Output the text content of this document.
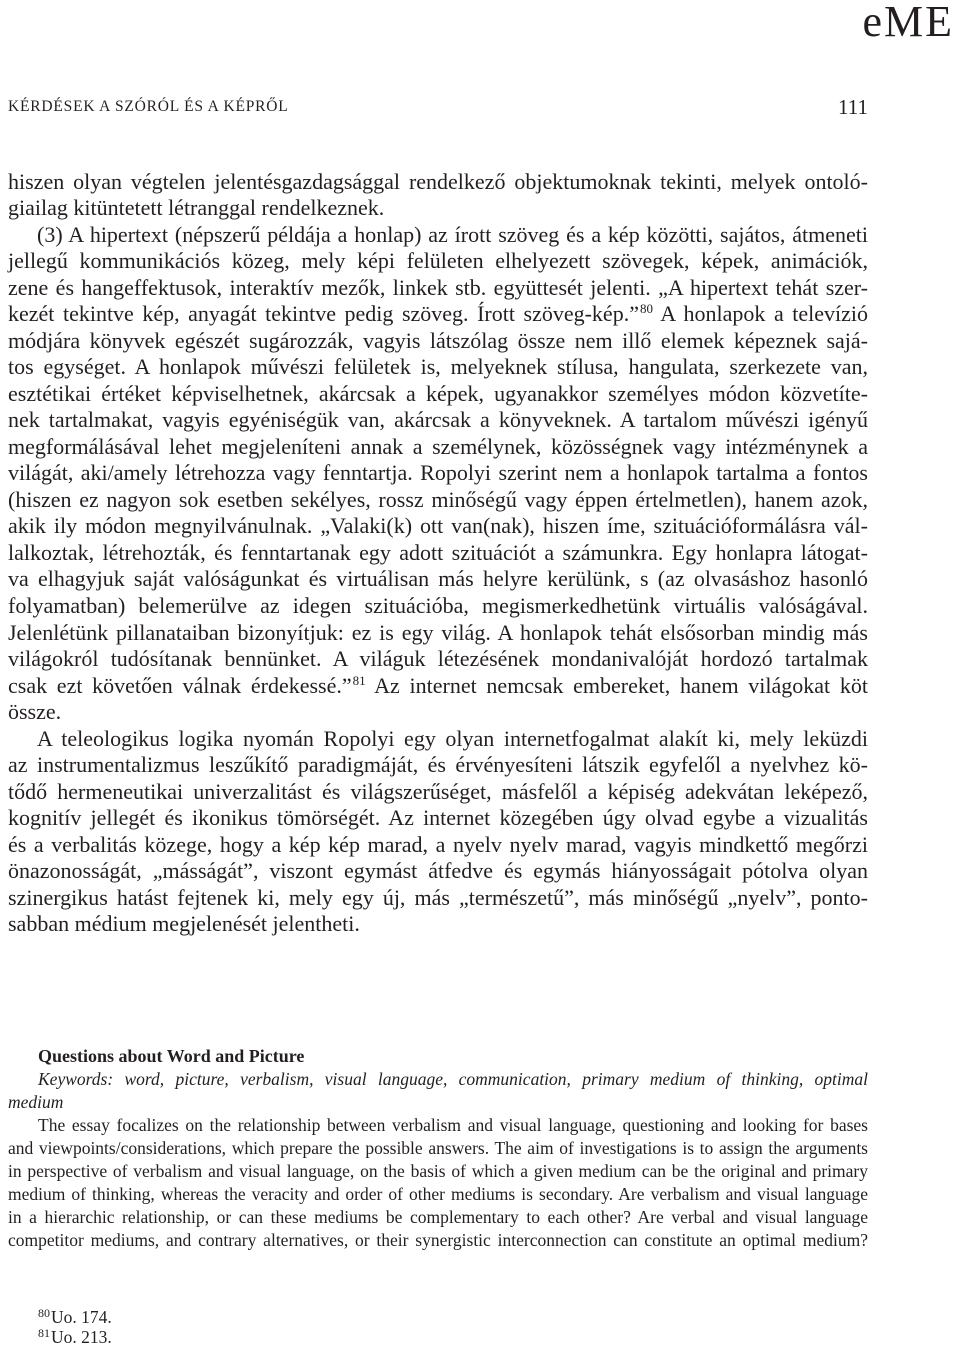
eME
KÉRDÉSEK A SZÓRÓL ÉS A KÉPRŐL	111
hiszen olyan végtelen jelentésgazdagsággal rendelkező objektumoknak tekinti, melyek ontoló-
giailag kitüntetett létranggal rendelkeznek.
(3) A hipertext (népszerű példája a honlap) az írott szöveg és a kép közötti, sajátos, átmeneti
jellegű kommunikációs közeg, mely képi felületen elhelyezett szövegek, képek, animációk,
zene és hangeffektusok, interaktív mezők, linkek stb. együttesét jelenti. „A hipertext tehát szer-
kezét tekintve kép, anyagát tekintve pedig szöveg. Írott szöveg-kép.”$^{80}$ A honlapok a televízió
módjára könyvek egészét sugározzák, vagyis látszólag össze nem illő elemek képeznek sajá-
tos egységet. A honlapok művészi felületek is, melyeknek stílusa, hangulata, szerkezete van,
esztétikai értéket képviselhetnek, akárcsak a képek, ugyanakkor személyes módon közvetíte-
nek tartalmakat, vagyis egyéniségük van, akárcsak a könyveknek. A tartalom művészi igényű
megformálásával lehet megjeleníteni annak a személynek, közösségnek vagy intézménynek a
világát, aki/amely létrehozza vagy fenntartja. Ropolyi szerint nem a honlapok tartalma a fontos
(hiszen ez nagyon sok esetben sekélyes, rossz minőségű vagy éppen értelmetlen), hanem azok,
akik ily módon megnyilvánulnak. „Valaki(k) ott van(nak), hiszen íme, szituációformálásra vál-
lalkoztak, létrehozták, és fenntartanak egy adott szituációt a számunkra. Egy honlapra látogat-
va elhagyjuk saját valóságunkat és virtuálisan más helyre kerülünk, s (az olvasáshoz hasonló
folyamatban) belemerülve az idegen szituációba, megismerkedhetünk virtuális valóságával.
Jelenlétünk pillanataiban bizonyítjuk: ez is egy világ. A honlapok tehát elsősorban mindig más
világokról tudósítanak bennünket. A világuk létezésének mondanivalóját hordozó tartalmak
csak ezt követően válnak érdekessé.”$^{81}$ Az internet nemcsak embereket, hanem világokat köt
össze.
A teleologikus logika nyomán Ropolyi egy olyan internetfogalmat alakít ki, mely leküzdi
az instrumentalizmus leszűkítő paradigmáját, és érvényesíteni látszik egyfelől a nyelvhez kö-
tődő hermeneutikai univerzalitást és világszerűséget, másfelől a képiség adekvátan leképező,
kognitív jellegét és ikonikus tömörségét. Az internet közegében úgy olvad egybe a vizualitás
és a verbalitás közege, hogy a kép kép marad, a nyelv nyelv marad, vagyis mindkettő megőrzi
önazonosságát, „másságát”, viszont egymást átfedve és egymás hiányosságait pótolva olyan
szinergikus hatást fejtenek ki, mely egy új, más „természetű”, más minőségű „nyelv”, ponto-
sabban médium megjelenését jelentheti.
Questions about Word and Picture
Keywords: word, picture, verbalism, visual language, communication, primary medium of thinking, optimal
medium
The essay focalizes on the relationship between verbalism and visual language, questioning and looking for bases
and viewpoints/considerations, which prepare the possible answers. The aim of investigations is to assign the arguments
in perspective of verbalism and visual language, on the basis of which a given medium can be the original and primary
medium of thinking, whereas the veracity and order of other mediums is secondary. Are verbalism and visual language
in a hierarchic relationship, or can these mediums be complementary to each other? Are verbal and visual language
competitor mediums, and contrary alternatives, or their synergistic interconnection can constitute an optimal medium?
$^{80}$Uo. 174.
$^{81}$Uo. 213.
